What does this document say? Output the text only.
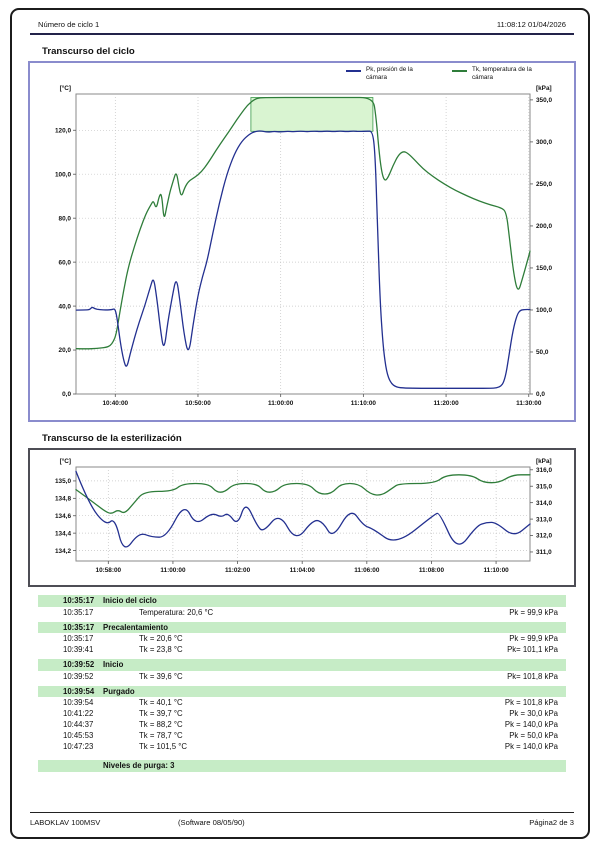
Número de ciclo 1	11:08:12 01/04/2026
Transcurso del ciclo
Pk, presión de la cámara
Tk, temperatura de la cámara
0,0
20,0
40,0
60,0
80,0
100,0
120,0
0,0
50,0
100,0
150,0
200,0
250,0
300,0
350,0
10:40:00	10:50:00	11:00:00	11:10:00	11:20:00	11:30:00
[°C]	[kPa]
Transcurso de la esterilización
134,2
134,4
134,6
134,8
135,0
311,0
312,0
313,0
314,0
315,0
316,0
10:58:00	11:00:00	11:02:00	11:04:00	11:06:00	11:08:00	11:10:00
[°C]	[kPa]
10:35:17	Inicio del ciclo
10:35:17	Temperatura: 20,6 °C	Pk = 99,9 kPa
10:35:17	Precalentamiento
10:35:17	Tk = 20,6 °C	Pk = 99,9 kPa
10:39:41	Tk = 23,8 °C	Pk= 101,1 kPa
10:39:52	Inicio
10:39:52	Tk = 39,6 °C	Pk= 101,8 kPa
10:39:54	Purgado
10:39:54	Tk = 40,1 °C	Pk = 101,8 kPa
10:41:22	Tk = 39,7 °C	Pk = 30,0 kPa
10:44:37	Tk = 88,2 °C	Pk = 140,0 kPa
10:45:53	Tk = 78,7 °C	Pk = 50,0 kPa
10:47:23	Tk = 101,5 °C	Pk = 140,0 kPa
Niveles de purga: 3
LABOKLAV 100MSV	(Software 08/05/90)	Página2 de 3
